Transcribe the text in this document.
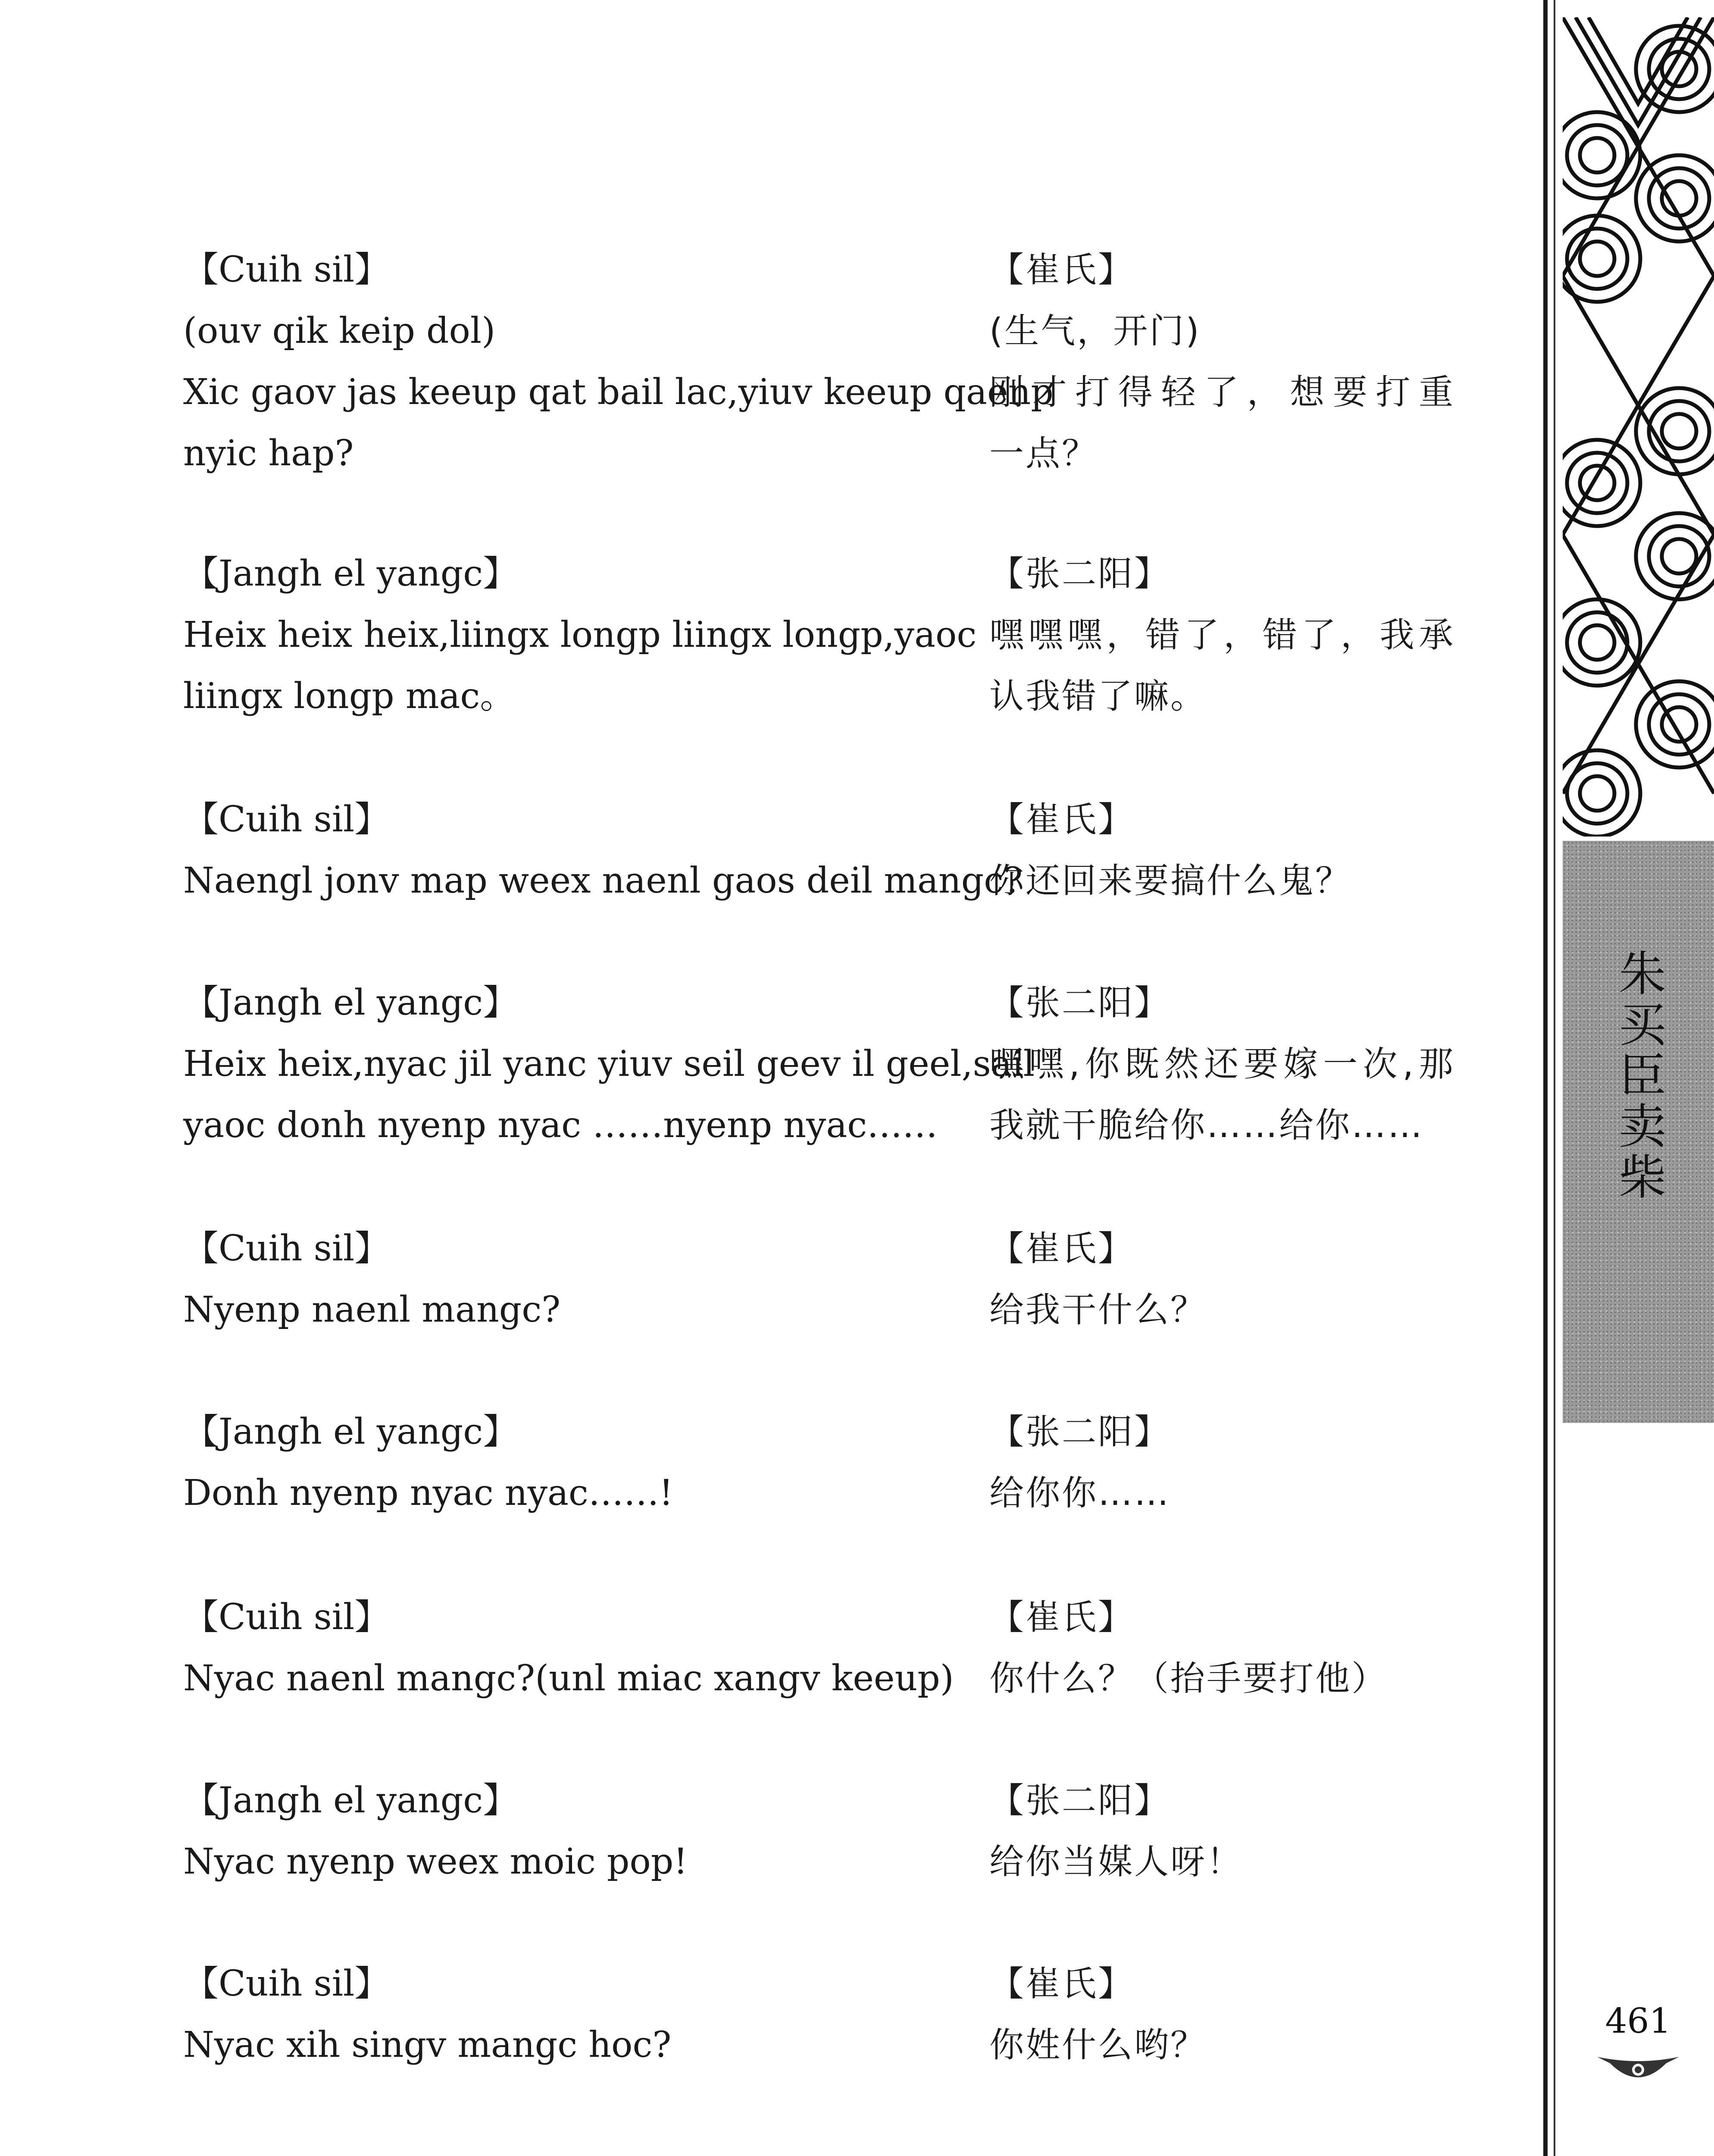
【Cuih sil】
(ouv qik keip dol)
Xic gaov jas keeup qat bail lac,yiuv keeup qaenp
nyic hap?
【崔氏】
(生气，开门)
刚才打得轻了，想要打重
一点？
【Jangh el yangc】
Heix heix heix,liingx longp liingx longp,yaoc
liingx longp mac。
【张二阳】
嘿嘿嘿，错了，错了，我承
认我错了嘛。
【Cuih sil】
Naengl jonv map weex naenl gaos deil mangc?
【崔氏】
你还回来要搞什么鬼？
【Jangh el yangc】
Heix heix,nyac jil yanc yiuv seil geev il geel,sail
yaoc donh nyenp nyac ……nyenp nyac……
【张二阳】
嘿嘿,你既然还要嫁一次,那
我就干脆给你……给你……
【Cuih sil】
Nyenp naenl mangc?
【崔氏】
给我干什么？
【Jangh el yangc】
Donh nyenp nyac nyac……!
【张二阳】
给你你……
【Cuih sil】
Nyac naenl mangc?(unl miac xangv keeup)
【崔氏】
你什么？（抬手要打他）
【Jangh el yangc】
Nyac nyenp weex moic pop!
【张二阳】
给你当媒人呀！
【Cuih sil】
Nyac xih singv mangc hoc?
【崔氏】
你姓什么哟？
朱买臣卖柴
461
